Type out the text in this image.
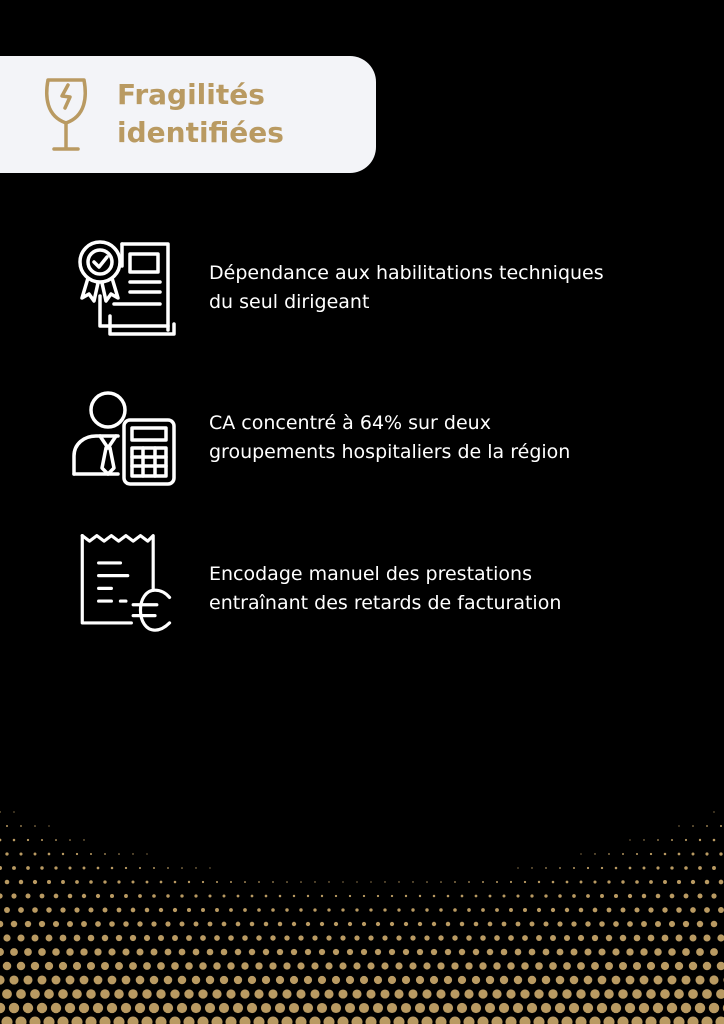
Fragilités
identifiées

Dépendance aux habilitations techniques
du seul dirigeant

CA concentré à 64% sur deux
groupements hospitaliers de la région

Encodage manuel des prestations
entraînant des retards de facturation
